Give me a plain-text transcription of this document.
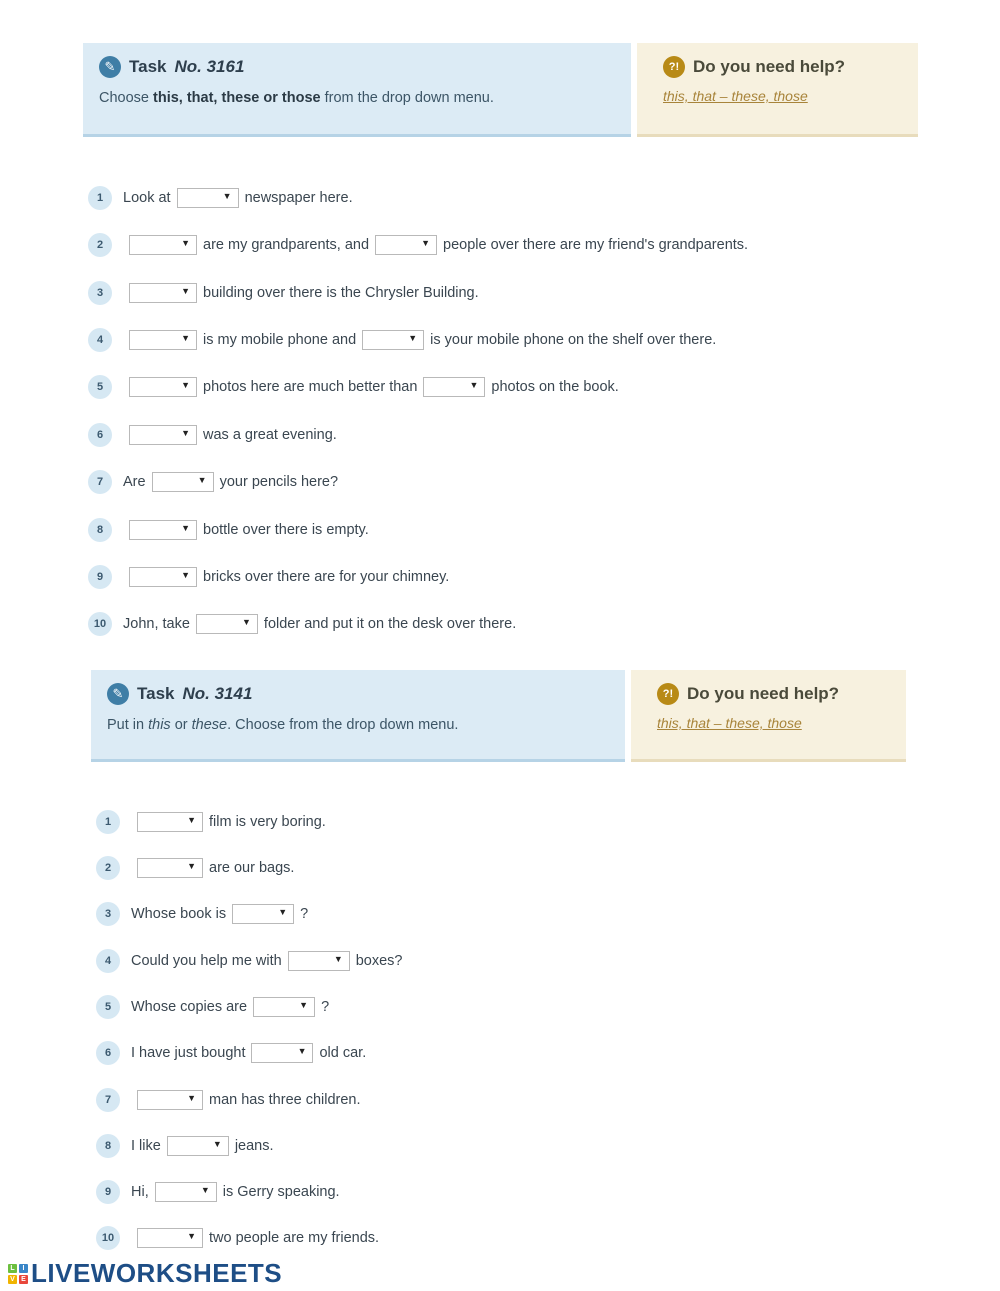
✎ Task No. 3161
Choose this, that, these or those from the drop down menu.
?! Do you need help?
this, that – these, those
1	Look at	▼ newspaper here.
2	▼ are my grandparents, and	▼ people over there are my friend's grandparents.
3	▼ building over there is the Chrysler Building.
4	▼ is my mobile phone and	▼ is your mobile phone on the shelf over there.
5	▼ photos here are much better than	▼ photos on the book.
6	▼ was a great evening.
7	Are	▼ your pencils here?
8	▼ bottle over there is empty.
9	▼ bricks over there are for your chimney.
10	John, take	▼ folder and put it on the desk over there.
✎ Task No. 3141
Put in this or these. Choose from the drop down menu.
?! Do you need help?
this, that – these, those
1	▼ film is very boring.
2	▼ are our bags.
3	Whose book is	▼ ?
4	Could you help me with	▼ boxes?
5	Whose copies are	▼ ?
6	I have just bought	▼ old car.
7	▼ man has three children.
8	I like	▼ jeans.
9	Hi,	▼ is Gerry speaking.
10	▼ two people are my friends.
L	I
V E LIVEWORKSHEETS
